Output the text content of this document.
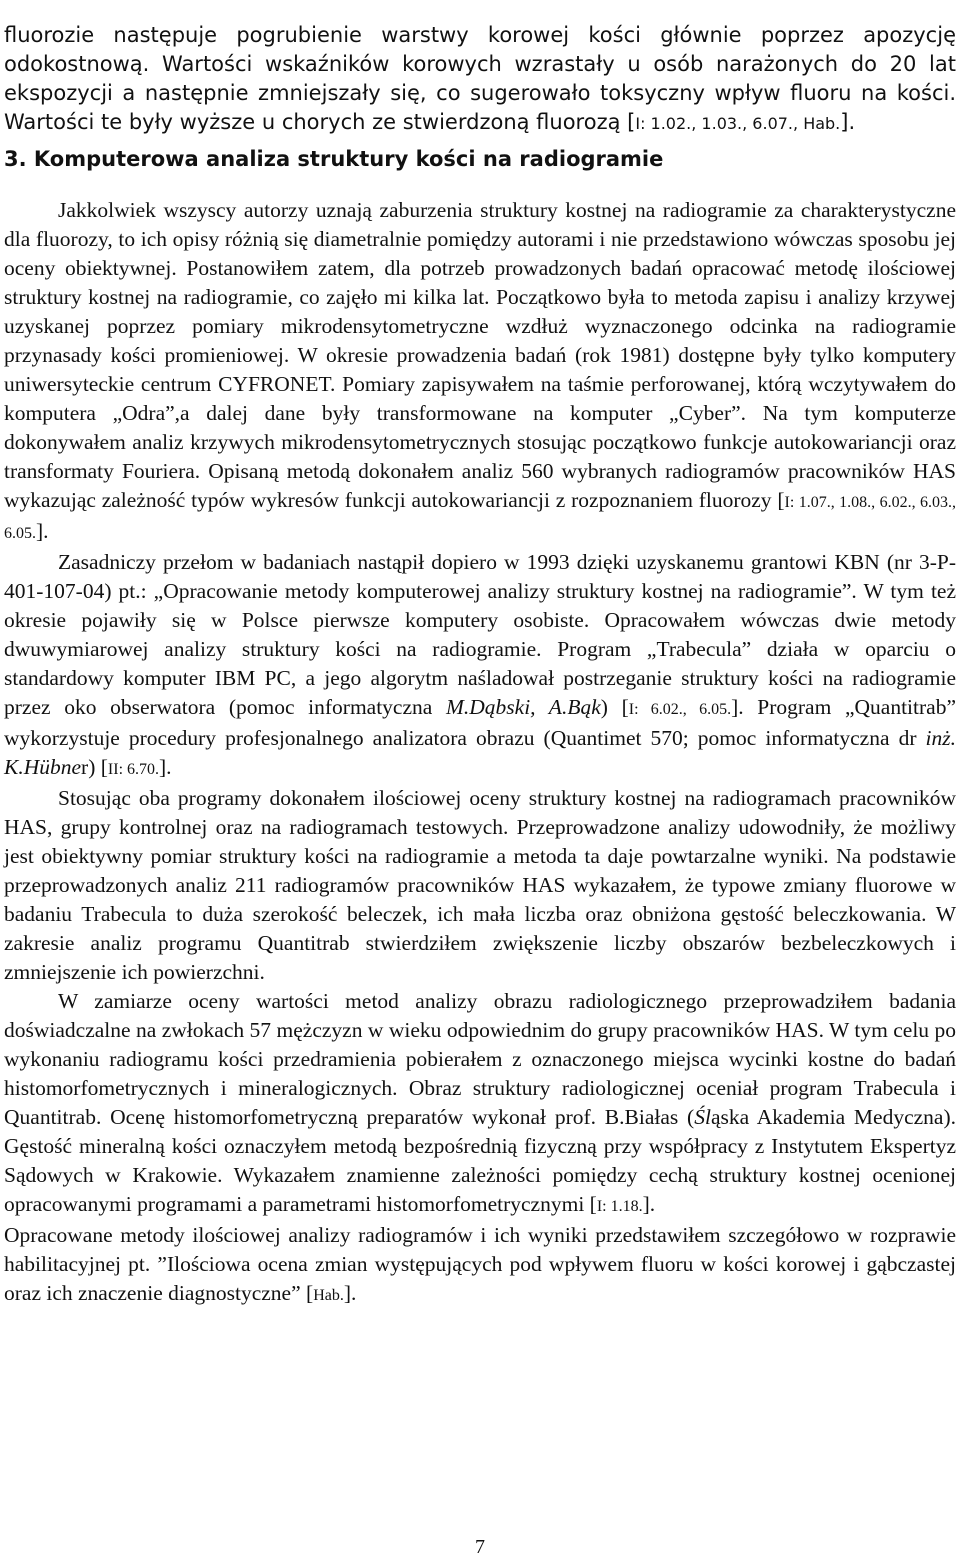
fluorozie następuje pogrubienie warstwy korowej kości głównie poprzez apozycję odokostnową. Wartości wskaźników korowych wzrastały u osób narażonych do 20 lat ekspozycji a następnie zmniejszały się, co sugerowało toksyczny wpływ fluoru na kości. Wartości te były wyższe u chorych ze stwierdzoną fluorozą [I: 1.02., 1.03., 6.07., Hab.].

3. Komputerowa analiza struktury kości na radiogramie

Jakkolwiek wszyscy autorzy uznają zaburzenia struktury kostnej na radiogramie za charakterystyczne dla fluorozy, to ich opisy różnią się diametralnie pomiędzy autorami i nie przedstawiono wówczas sposobu jej oceny obiektywnej. Postanowiłem zatem, dla potrzeb prowadzonych badań opracować metodę ilościowej struktury kostnej na radiogramie, co zajęło mi kilka lat. Początkowo była to metoda zapisu i analizy krzywej uzyskanej poprzez pomiary mikrodensytometryczne wzdłuż wyznaczonego odcinka na radiogramie przynasady kości promieniowej. W okresie prowadzenia badań (rok 1981) dostępne były tylko komputery uniwersyteckie centrum CYFRONET. Pomiary zapisywałem na taśmie perforowanej, którą wczytywałem do komputera „Odra”,a dalej dane były transformowane na komputer „Cyber”. Na tym komputerze dokonywałem analiz krzywych mikrodensytometrycznych stosując początkowo funkcje autokowariancji oraz transformaty Fouriera. Opisaną metodą dokonałem analiz 560 wybranych radiogramów pracowników HAS wykazując zależność typów wykresów funkcji autokowariancji z rozpoznaniem fluorozy [I: 1.07., 1.08., 6.02., 6.03., 6.05.].

Zasadniczy przełom w badaniach nastąpił dopiero w 1993 dzięki uzyskanemu grantowi KBN (nr 3-P-401-107-04) pt.: „Opracowanie metody komputerowej analizy struktury kostnej na radiogramie”. W tym też okresie pojawiły się w Polsce pierwsze komputery osobiste. Opracowałem wówczas dwie metody dwuwymiarowej analizy struktury kości na radiogramie. Program „Trabecula” działa w oparciu o standardowy komputer IBM PC, a jego algorytm naśladował postrzeganie struktury kości na radiogramie przez oko obserwatora (pomoc informatyczna M.Dąbski, A.Bąk) [I: 6.02., 6.05.]. Program „Quantitrab” wykorzystuje procedury profesjonalnego analizatora obrazu (Quantimet 570; pomoc informatyczna dr inż. K.Hübner) [II: 6.70.].

Stosując oba programy dokonałem ilościowej oceny struktury kostnej na radiogramach pracowników HAS, grupy kontrolnej oraz na radiogramach testowych. Przeprowadzone analizy udowodniły, że możliwy jest obiektywny pomiar struktury kości na radiogramie a metoda ta daje powtarzalne wyniki. Na podstawie przeprowadzonych analiz 211 radiogramów pracowników HAS wykazałem, że typowe zmiany fluorowe w badaniu Trabecula to duża szerokość beleczek, ich mała liczba oraz obniżona gęstość beleczkowania. W zakresie analiz programu Quantitrab stwierdziłem zwiększenie liczby obszarów bezbeleczkowych i zmniejszenie ich powierzchni.

W zamiarze oceny wartości metod analizy obrazu radiologicznego przeprowadziłem badania doświadczalne na zwłokach 57 mężczyzn w wieku odpowiednim do grupy pracowników HAS. W tym celu po wykonaniu radiogramu kości przedramienia pobierałem z oznaczonego miejsca wycinki kostne do badań histomorfometrycznych i mineralogicznych. Obraz struktury radiologicznej oceniał program Trabecula i Quantitrab. Ocenę histomorfometryczną preparatów wykonał prof. B.Białas (Śląska Akademia Medyczna). Gęstość mineralną kości oznaczyłem metodą bezpośrednią fizyczną przy współpracy z Instytutem Ekspertyz Sądowych w Krakowie. Wykazałem znamienne zależności pomiędzy cechą struktury kostnej ocenionej opracowanymi programami a parametrami histomorfometrycznymi [I: 1.18.].

Opracowane metody ilościowej analizy radiogramów i ich wyniki przedstawiłem szczegółowo w rozprawie habilitacyjnej pt. ”Ilościowa ocena zmian występujących pod wpływem fluoru w kości korowej i gąbczastej oraz ich znaczenie diagnostyczne” [Hab.].

7
